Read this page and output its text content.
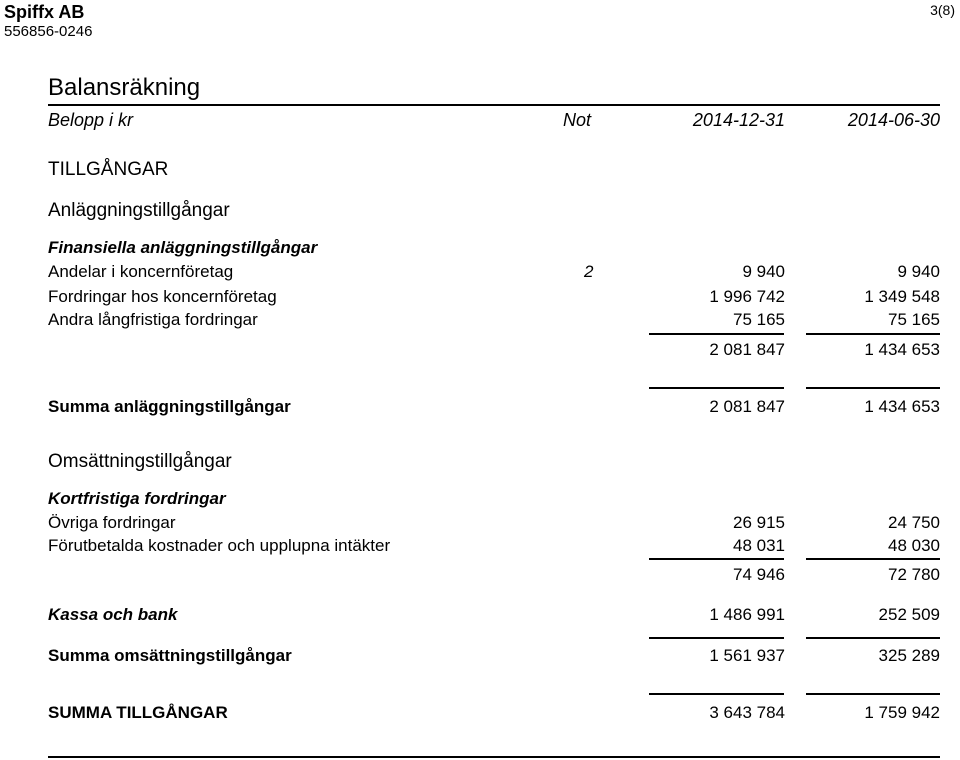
Spiffx AB
556856-0246
3(8)
Balansräkning
Belopp i kr	Not	2014-12-31	2014-06-30
TILLGÅNGAR
Anläggningstillgångar
Finansiella anläggningstillgångar
Andelar i koncernföretag	2	9 940	9 940
Fordringar hos koncernföretag	1 996 742	1 349 548
Andra långfristiga fordringar	75 165	75 165
2 081 847	1 434 653
Summa anläggningstillgångar	2 081 847	1 434 653
Omsättningstillgångar
Kortfristiga fordringar
Övriga fordringar	26 915	24 750
Förutbetalda kostnader och upplupna intäkter	48 031	48 030
74 946	72 780
Kassa och bank	1 486 991	252 509
Summa omsättningstillgångar	1 561 937	325 289
SUMMA TILLGÅNGAR	3 643 784	1 759 942
